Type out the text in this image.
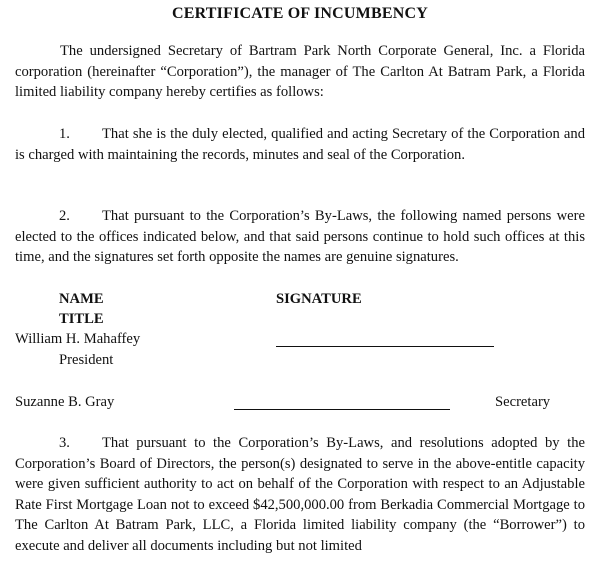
CERTIFICATE OF INCUMBENCY
The undersigned Secretary of Bartram Park North Corporate General, Inc. a Florida corporation (hereinafter “Corporation”), the manager of The Carlton At Batram Park, a Florida limited liability company hereby certifies as follows:
1. That she is the duly elected, qualified and acting Secretary of the Corporation and is charged with maintaining the records, minutes and seal of the Corporation.
2. That pursuant to the Corporation’s By-Laws, the following named persons were elected to the offices indicated below, and that said persons continue to hold such offices at this time, and the signatures set forth opposite the names are genuine signatures.
NAME	SIGNATURE
TITLE
William H. Mahaffey
President
Suzanne B. Gray	Secretary
3. That pursuant to the Corporation’s By-Laws, and resolutions adopted by the Corporation’s Board of Directors, the person(s) designated to serve in the above-entitle capacity were given sufficient authority to act on behalf of the Corporation with respect to an Adjustable Rate First Mortgage Loan not to exceed $42,500,000.00 from Berkadia Commercial Mortgage to The Carlton At Batram Park, LLC, a Florida limited liability company (the “Borrower”) to execute and deliver all documents including but not limited
